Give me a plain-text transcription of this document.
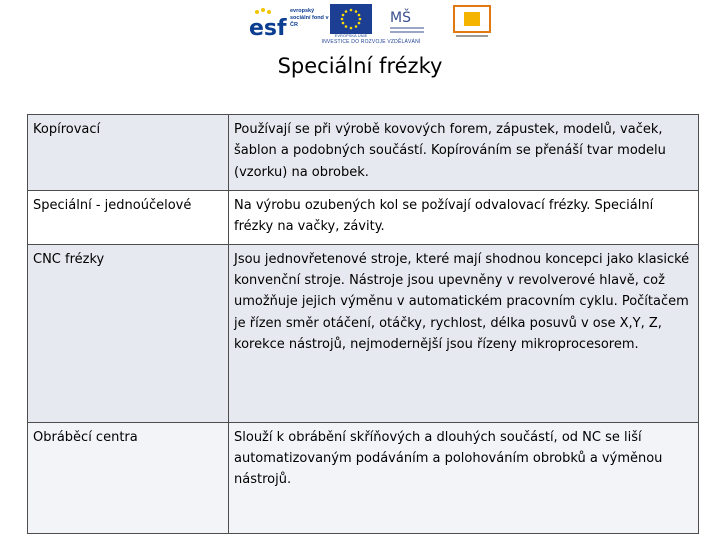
esf
evropský sociální fond v ČR
EVROPSKÁ UNIE
MŠ
INVESTICE DO ROZVOJE VZDĚLÁVÁNÍ
Speciální frézky
Kopírovací	Používají se při výrobě kovových forem, zápustek, modelů, vaček, šablon a podobných součástí. Kopírováním se přenáší tvar modelu (vzorku) na obrobek.
Speciální - jednoúčelové	Na výrobu ozubených kol se požívají odvalovací frézky. Speciální frézky na vačky, závity.
CNC frézky	Jsou jednovřetenové stroje, které mají shodnou koncepci jako klasické konvenční stroje. Nástroje jsou upevněny v revolverové hlavě, což umožňuje jejich výměnu v automatickém pracovním cyklu. Počítačem je řízen směr otáčení, otáčky, rychlost, délka posuvů v ose X,Y, Z, korekce nástrojů, nejmodernější jsou řízeny mikroprocesorem.
Obráběcí centra	Slouží k obrábění skříňových a dlouhých součástí, od NC se liší automatizovaným podáváním a polohováním obrobků a výměnou nástrojů.
